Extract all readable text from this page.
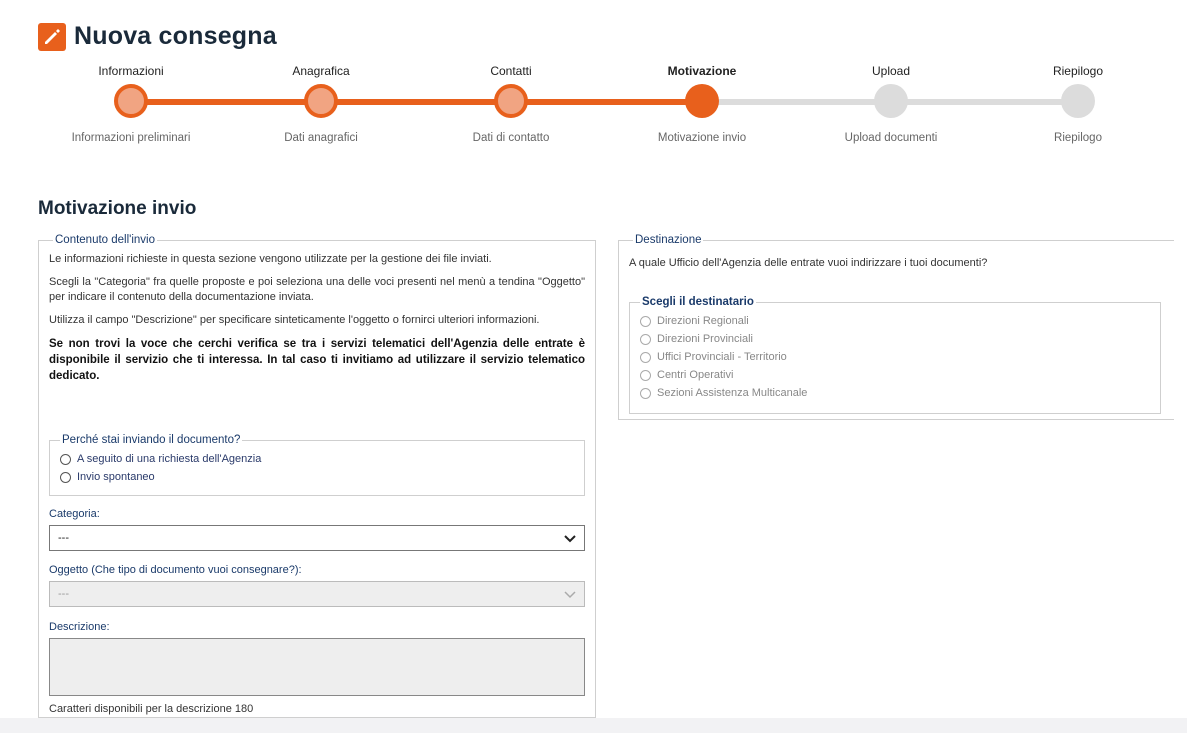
Nuova consegna
Informazioni
Informazioni preliminari
Anagrafica
Dati anagrafici
Contatti
Dati di contatto
Motivazione
Motivazione invio
Upload
Upload documenti
Riepilogo
Riepilogo
Motivazione invio
Contenuto dell'invio

Le informazioni richieste in questa sezione vengono utilizzate per la gestione dei file inviati.

Scegli la "Categoria" fra quelle proposte e poi seleziona una delle voci presenti nel menù a tendina "Oggetto" per indicare il contenuto della documentazione inviata.

Utilizza il campo "Descrizione" per specificare sinteticamente l'oggetto o fornirci ulteriori informazioni.

Se non trovi la voce che cerchi verifica se tra i servizi telematici dell'Agenzia delle entrate è disponibile il servizio che ti interessa. In tal caso ti invitiamo ad utilizzare il servizio telematico dedicato.

Perché stai inviando il documento?
A seguito di una richiesta dell'Agenzia
Invio spontaneo
Categoria:
---
Oggetto (Che tipo di documento vuoi consegnare?):
---
Descrizione:
Caratteri disponibili per la descrizione 180
Destinazione

A quale Ufficio dell'Agenzia delle entrate vuoi indirizzare i tuoi documenti?

Scegli il destinatario
Direzioni Regionali
Direzioni Provinciali
Uffici Provinciali - Territorio
Centri Operativi
Sezioni Assistenza Multicanale
